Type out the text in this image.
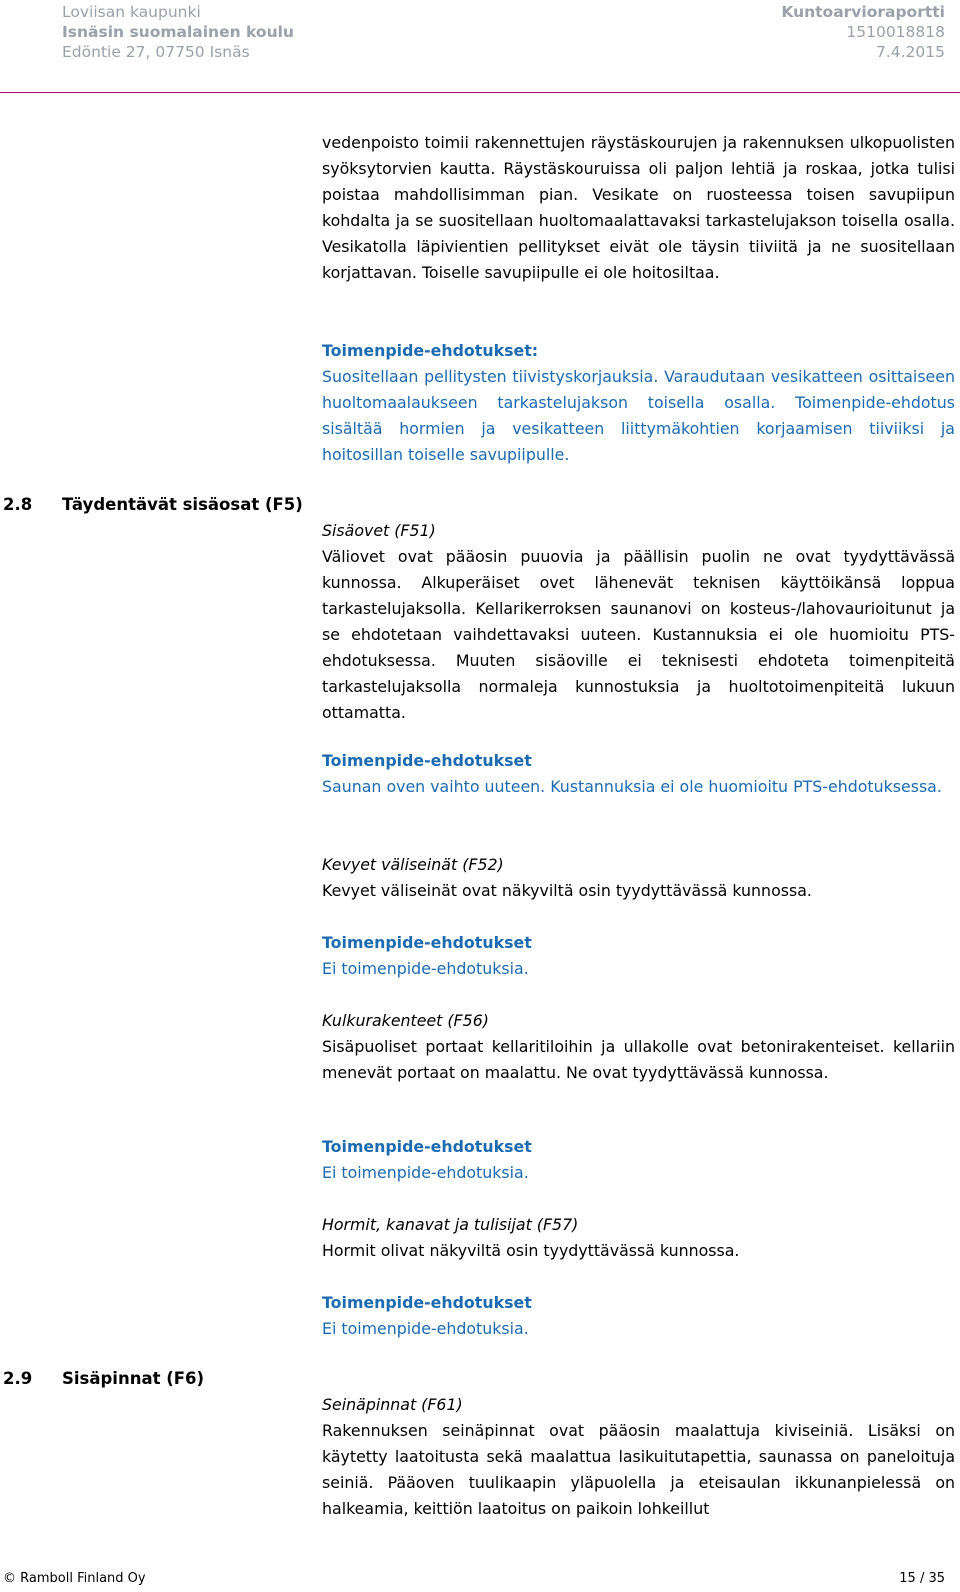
Loviisan kaupunki
Isnäsin suomalainen koulu
Edöntie 27, 07750 Isnäs
Kuntoarvioraportti
1510018818
7.4.2015

vedenpoisto toimii rakennettujen räystäskourujen ja rakennuksen ulkopuolisten syöksytorvien kautta. Räystäskouruissa oli paljon lehtiä ja roskaa, jotka tulisi poistaa mahdollisimman pian. Vesikate on ruosteessa toisen savupiipun kohdalta ja se suositellaan huoltomaalattavaksi tarkastelujakson toisella osalla. Vesikatolla läpivientien pellitykset eivät ole täysin tiiviitä ja ne suositellaan korjattavan. Toiselle savupiipulle ei ole hoitosiltaa.

Toimenpide-ehdotukset:

Suositellaan pellitysten tiivistyskorjauksia. Varaudutaan vesikatteen osittaiseen huoltomaalaukseen tarkastelujakson toisella osalla. Toimenpide-ehdotus sisältää hormien ja vesikatteen liittymäkohtien korjaamisen tiiviiksi ja hoitosillan toiselle savupiipulle.

2.8 Täydentävät sisäosat (F5)

Sisäovet (F51)

Väliovet ovat pääosin puuovia ja päällisin puolin ne ovat tyydyttävässä kunnossa. Alkuperäiset ovet lähenevät teknisen käyttöikänsä loppua tarkastelujaksolla. Kellarikerroksen saunanovi on kosteus-/lahovaurioitunut ja se ehdotetaan vaihdettavaksi uuteen. Kustannuksia ei ole huomioitu PTS-ehdotuksessa. Muuten sisäoville ei teknisesti ehdoteta toimenpiteitä tarkastelujaksolla normaleja kunnostuksia ja huoltotoimenpiteitä lukuun ottamatta.

Toimenpide-ehdotukset

Saunan oven vaihto uuteen. Kustannuksia ei ole huomioitu PTS-ehdotuksessa.

Kevyet väliseinät (F52)

Kevyet väliseinät ovat näkyviltä osin tyydyttävässä kunnossa.

Toimenpide-ehdotukset

Ei toimenpide-ehdotuksia.

Kulkurakenteet (F56)

Sisäpuoliset portaat kellaritiloihin ja ullakolle ovat betonirakenteiset. kellariin menevät portaat on maalattu. Ne ovat tyydyttävässä kunnossa.

Toimenpide-ehdotukset

Ei toimenpide-ehdotuksia.

Hormit, kanavat ja tulisijat (F57)

Hormit olivat näkyviltä osin tyydyttävässä kunnossa.

Toimenpide-ehdotukset

Ei toimenpide-ehdotuksia.

2.9 Sisäpinnat (F6)

Seinäpinnat (F61)

Rakennuksen seinäpinnat ovat pääosin maalattuja kiviseiniä. Lisäksi on käytetty laatoitusta sekä maalattua lasikuitutapettia, saunassa on paneloituja seiniä. Pääoven tuulikaapin yläpuolella ja eteisaulan ikkunanpielessä on halkeamia, keittiön laatoitus on paikoin lohkeillut

© Ramboll Finland Oy	15 / 35
